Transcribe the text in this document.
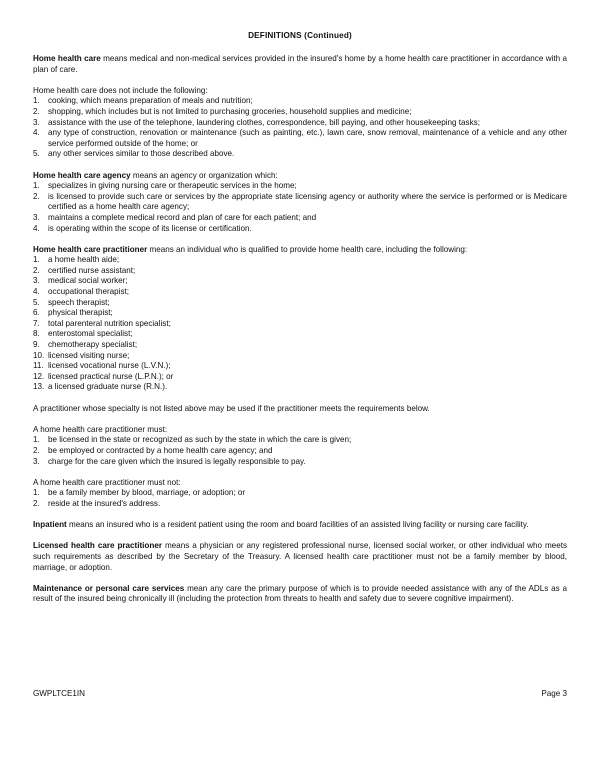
DEFINITIONS (Continued)

Home health care means medical and non-medical services provided in the insured's home by a home health care practitioner in accordance with a plan of care.

Home health care does not include the following:

1.	cooking, which means preparation of meals and nutrition;
2.	shopping, which includes but is not limited to purchasing groceries, household supplies and medicine;
3.	assistance with the use of the telephone, laundering clothes, correspondence, bill paying, and other housekeeping tasks;
4.	any type of construction, renovation or maintenance (such as painting, etc.), lawn care, snow removal, maintenance of a vehicle and any other service performed outside of the home; or
5.	any other services similar to those described above.

Home health care agency means an agency or organization which:

1.	specializes in giving nursing care or therapeutic services in the home;
2.	is licensed to provide such care or services by the appropriate state licensing agency or authority where the service is performed or is Medicare certified as a home health care agency;
3.	maintains a complete medical record and plan of care for each patient; and
4.	is operating within the scope of its license or certification.

Home health care practitioner means an individual who is qualified to provide home health care, including the following:

1.	a home health aide;
2.	certified nurse assistant;
3.	medical social worker;
4.	occupational therapist;
5.	speech therapist;
6.	physical therapist;
7.	total parenteral nutrition specialist;
8.	enterostomal specialist;
9.	chemotherapy specialist;
10. licensed visiting nurse;
11. licensed vocational nurse (L.V.N.);
12. licensed practical nurse (L.P.N.); or
13. a licensed graduate nurse (R.N.).

A practitioner whose specialty is not listed above may be used if the practitioner meets the requirements below.

A home health care practitioner must:

1.	be licensed in the state or recognized as such by the state in which the care is given;
2.	be employed or contracted by a home health care agency; and
3.	charge for the care given which the insured is legally responsible to pay.

A home health care practitioner must not:

1.	be a family member by blood, marriage, or adoption; or
2.	reside at the insured's address.

Inpatient means an insured who is a resident patient using the room and board facilities of an assisted living facility or nursing care facility.

Licensed health care practitioner means a physician or any registered professional nurse, licensed social worker, or other individual who meets such requirements as described by the Secretary of the Treasury. A licensed health care practitioner must not be a family member by blood, marriage, or adoption.

Maintenance or personal care services mean any care the primary purpose of which is to provide needed assistance with any of the ADLs as a result of the insured being chronically ill (including the protection from threats to health and safety due to severe cognitive impairment).

GWPLTCE1IN	Page 3
